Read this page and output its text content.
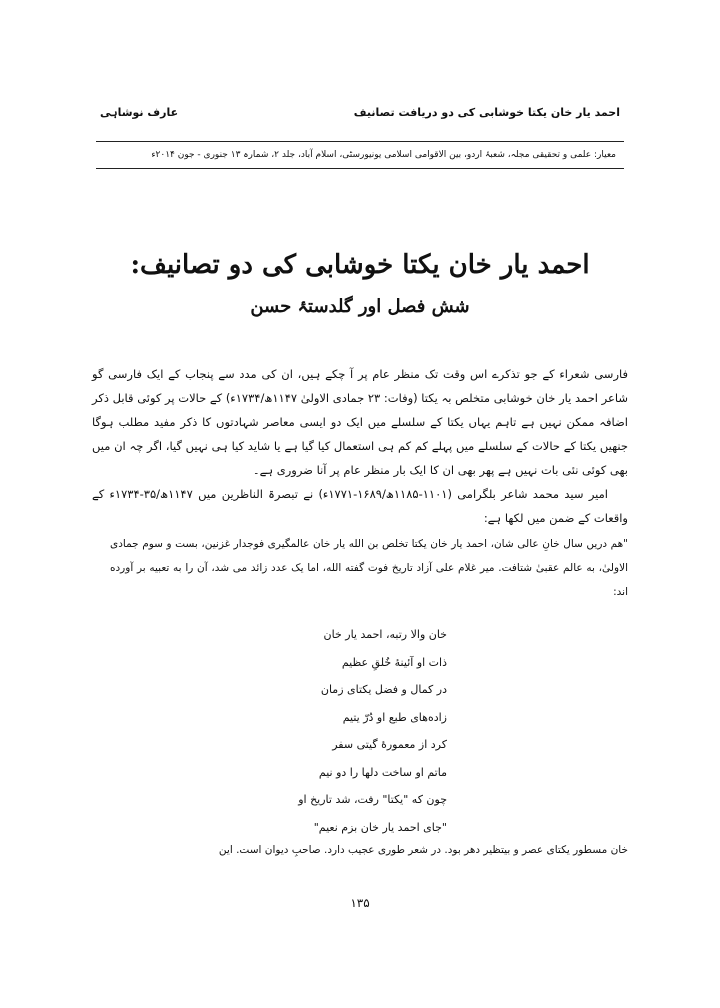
احمد یار خان یکتا خوشابی کی دو دریافت تصانیف
عارف نوشاہی
معیار: علمی و تحقیقی مجلہ، شعبۂ اردو، بین الاقوامی اسلامی یونیورسٹی، اسلام آباد، جلد ۲، شمارہ ۱۳ جنوری - جون ۲۰۱۴ء
احمد یار خان یکتا خوشابی کی دو تصانیف:
شش فصل اور گلدستۂ حسن

فارسی شعراء کے جو تذکرے اس وقت تک منظر عام پر آ چکے ہیں، ان کی مدد سے پنجاب کے ایک فارسی گو شاعر احمد یار خان خوشابی متخلص بہ یکتا (وفات: ۲۳ جمادی الاولیٰ ۱۱۴۷ھ/۱۷۳۴ء) کے حالات پر کوئی قابل ذکر اضافہ ممکن نہیں ہے تاہم یہاں یکتا کے سلسلے میں ایک دو ایسی معاصر شہادتوں کا ذکر مفید مطلب ہوگا جنھیں یکتا کے حالات کے سلسلے میں پہلے کم کم ہی استعمال کیا گیا ہے یا شاید کیا ہی نہیں گیا، اگر چہ ان میں بھی کوئی نئی بات نہیں ہے پھر بھی ان کا ایک بار منظر عام پر آنا ضروری ہے۔

امیر سید محمد شاعر بلگرامی (۱۱۰۱-۱۱۸۵ھ/۱۶۸۹-۱۷۷۱ء) نے تبصرۃ الناظرین میں ۱۱۴۷ھ/۳۵-۱۷۳۴ء کے واقعات کے ضمن میں لکھا ہے:

"هم دریں سال خانِ عالی شان، احمد یار خان یکتا تخلص بن الله یار خان عالمگیری فوجدار غزنین، بست و سوم جمادی الاولیٰ، به عالم عقبیٰ شتافت. میر غلام علی آزاد تاریخ فوت گفته الله، اما یک عدد زائد می شد، آن را به تعبیه بر آورده اند:

خان والا رتبه، احمد یار خان
ذات او آئینهٔ خُلقِ عظیم
در کمال و فضل یکتای زمان
زاده‌های طبع او دُرّ یتیم
کرد از معمورهٔ گیتی سفر
ماتم او ساخت دلها را دو نیم
چون که "یکتا" رفت، شد تاریخ او
"جای احمد یار خان بزم نعیم"
خان مسطور یکتای عصر و بیتظیر دهر بود. در شعر طوری عجیب دارد. صاحبِ دیوان است. این
۱۳۵
